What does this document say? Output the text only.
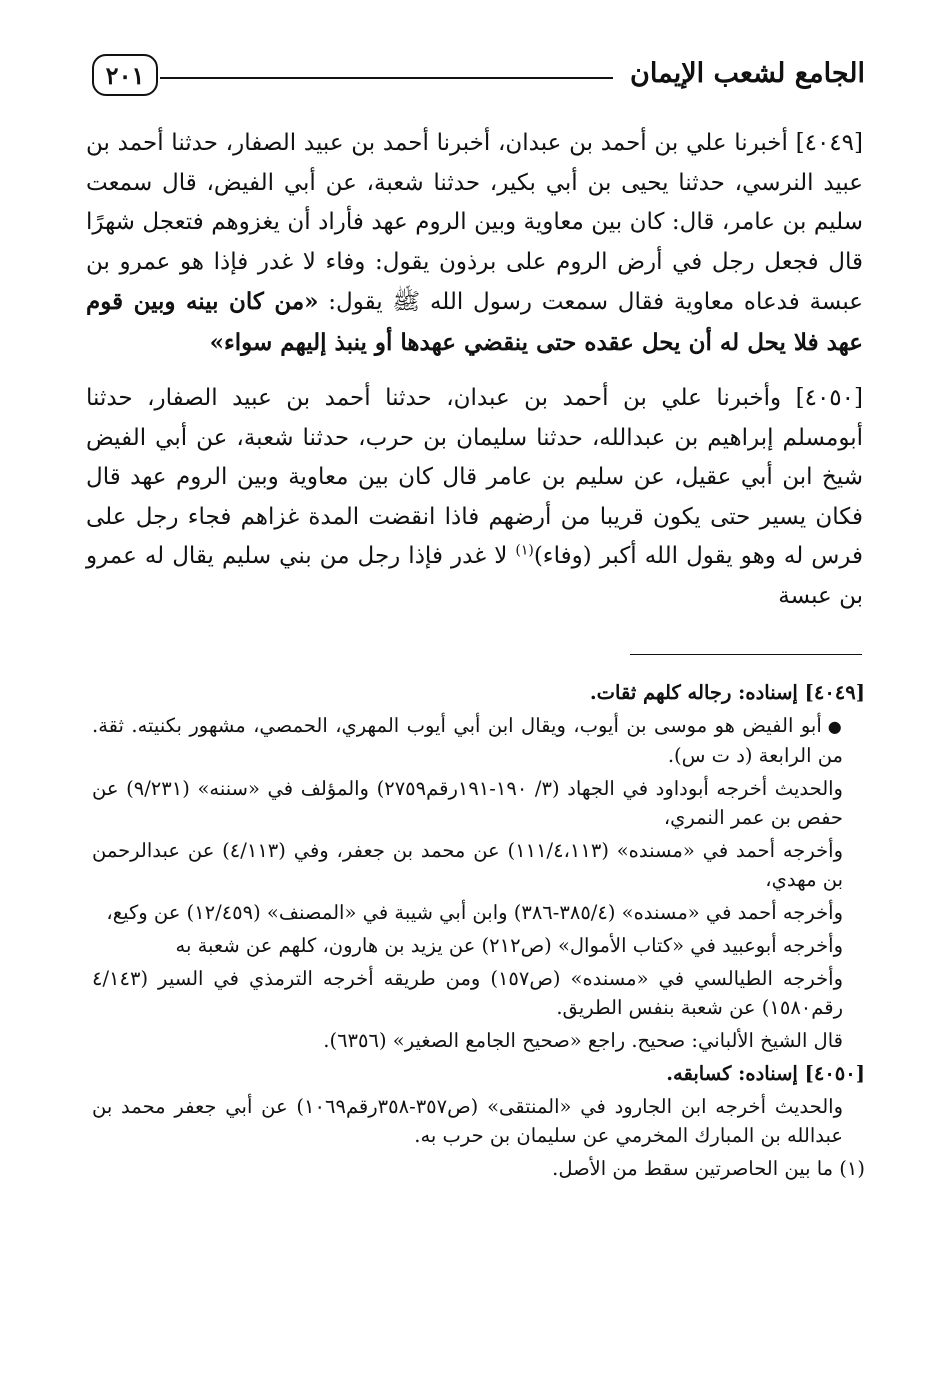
الجامع لشعب الإيمان
٢٠١

[٤٠٤٩] أخبرنا علي بن أحمد بن عبدان، أخبرنا أحمد بن عبيد الصفار، حدثنا أحمد بن عبيد النرسي، حدثنا يحيى بن أبي بكير، حدثنا شعبة، عن أبي الفيض، قال سمعت سليم بن عامر، قال: كان بين معاوية وبين الروم عهد فأراد أن يغزوهم فتعجل شهرًا قال فجعل رجل في أرض الروم على برذون يقول: وفاء لا غدر فإذا هو عمرو بن عبسة فدعاه معاوية فقال سمعت رسول الله ﷺ يقول: «من كان بينه وبين قوم عهد فلا يحل له أن يحل عقده حتى ينقضي عهدها أو ينبذ إليهم سواء»

[٤٠٥٠] وأخبرنا علي بن أحمد بن عبدان، حدثنا أحمد بن عبيد الصفار، حدثنا أبومسلم إبراهيم بن عبدالله، حدثنا سليمان بن حرب، حدثنا شعبة، عن أبي الفيض شيخ ابن أبي عقيل، عن سليم بن عامر قال كان بين معاوية وبين الروم عهد قال فكان يسير حتى يكون قريبا من أرضهم فاذا انقضت المدة غزاهم فجاء رجل على فرس له وهو يقول الله أكبر (وفاء)$^{(١)}$ لا غدر فإذا رجل من بني سليم يقال له عمرو بن عبسة

[٤٠٤٩] إسناده: رجاله كلهم ثقات.

●أبو الفيض هو موسى بن أيوب، ويقال ابن أبي أيوب المهري، الحمصي، مشهور بكنيته. ثقة. من الرابعة (د ت س).

والحديث أخرجه أبوداود في الجهاد (٣/ ١٩٠-١٩١رقم٢٧٥٩) والمؤلف في «سننه» (٩/٢٣١) عن حفص بن عمر النمري،

وأخرجه أحمد في «مسنده» (١١١/٤،١١٣) عن محمد بن جعفر، وفي (٤/١١٣) عن عبدالرحمن بن مهدي،

وأخرجه أحمد في «مسنده» (٣٨٥/٤-٣٨٦) وابن أبي شيبة في «المصنف» (١٢/٤٥٩) عن وكيع،

وأخرجه أبوعبيد في «كتاب الأموال» (ص٢١٢) عن يزيد بن هارون، كلهم عن شعبة به

وأخرجه الطيالسي في «مسنده» (ص١٥٧) ومن طريقه أخرجه الترمذي في السير (٤/١٤٣ رقم١٥٨٠) عن شعبة بنفس الطريق.

قال الشيخ الألباني: صحيح. راجع «صحيح الجامع الصغير» (٦٣٥٦).

[٤٠٥٠] إسناده: كسابقه.

والحديث أخرجه ابن الجارود في «المنتقى» (ص٣٥٧-٣٥٨رقم١٠٦٩) عن أبي جعفر محمد بن عبدالله بن المبارك المخرمي عن سليمان بن حرب به.

(١) ما بين الحاصرتين سقط من الأصل.
